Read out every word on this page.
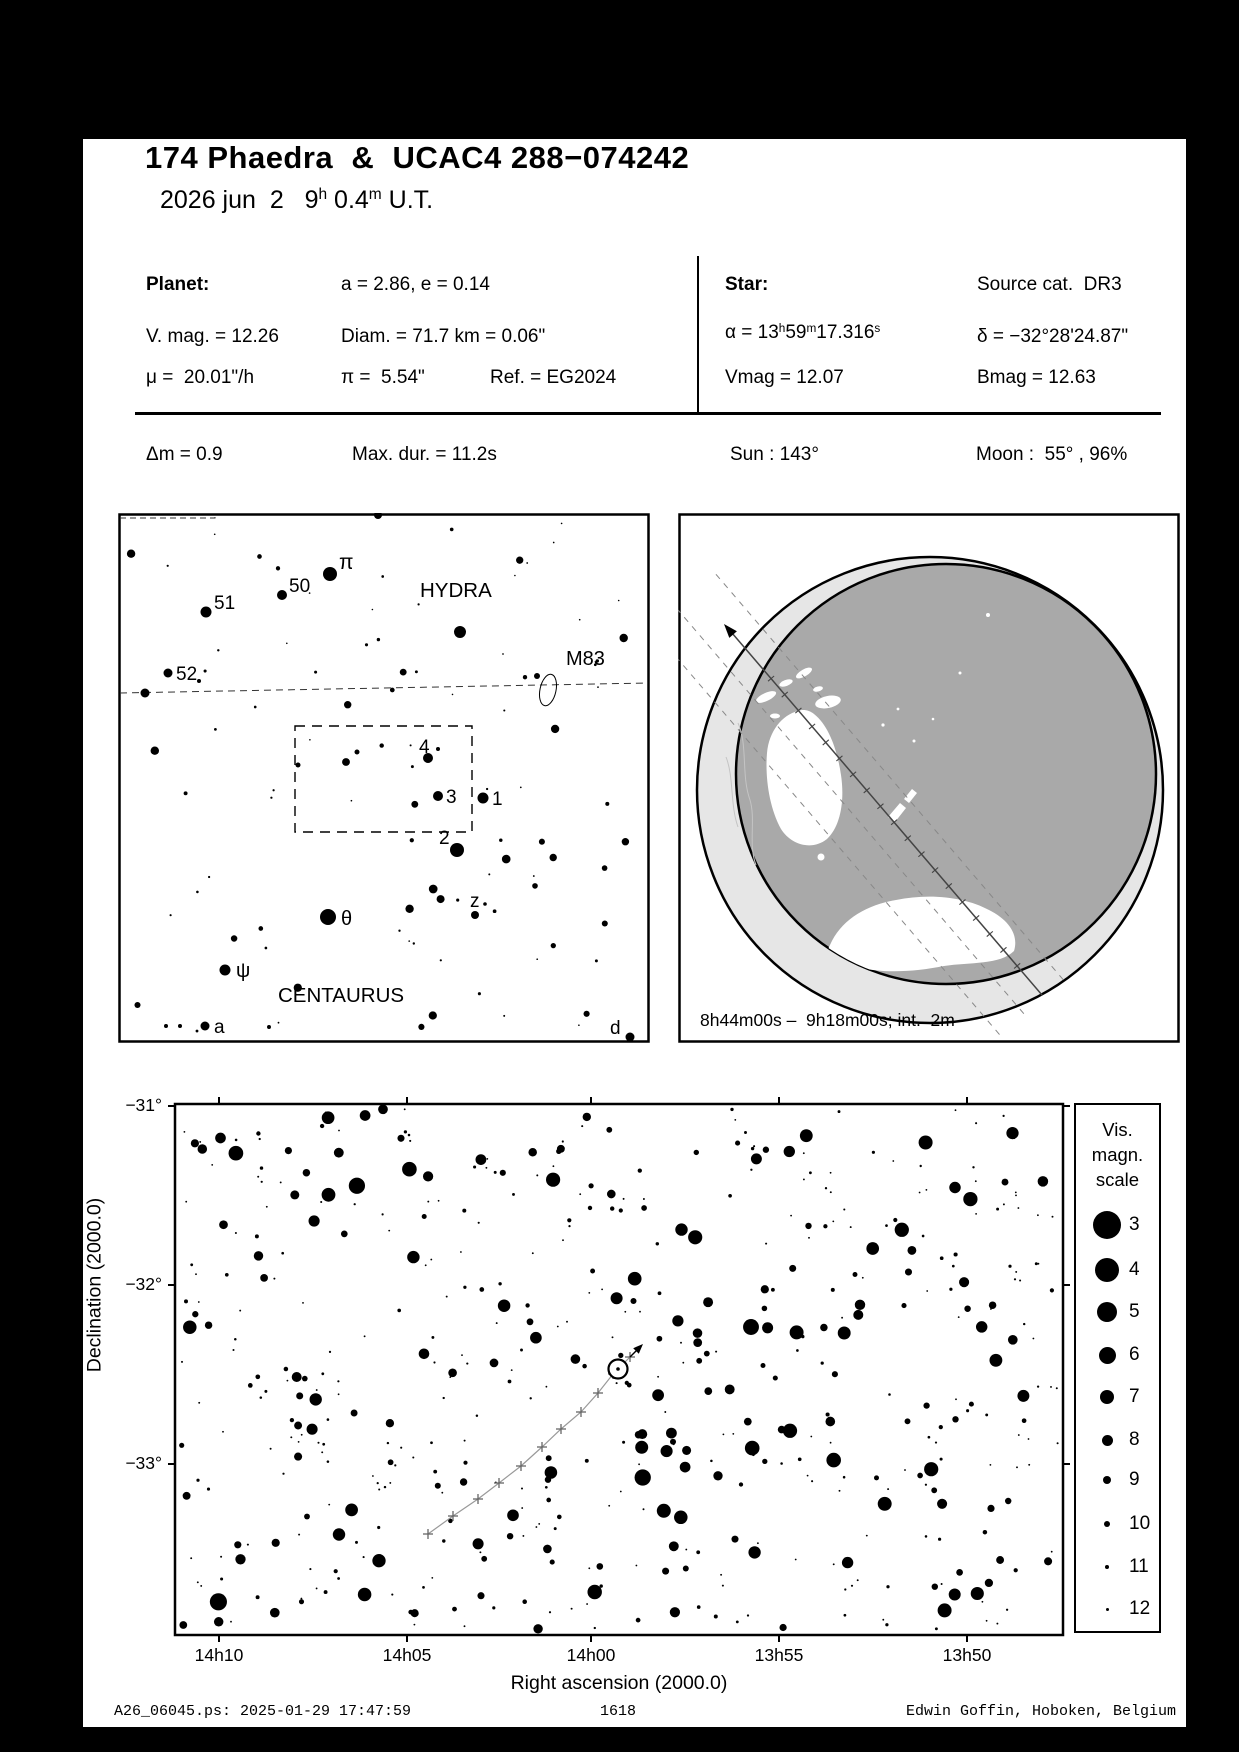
174 Phaedra  &  UCAC4 288−074242
2026 jun  2   9$^h$ 0.4$^m$ U.T.
Planet:	a = 2.86, e = 0.14	Star:	Source cat.  DR3
V. mag. = 12.26	Diam. = 71.7 km = 0.06"	$\alpha = 13^h59^m17.316^s$	δ = −32°28'24.87"
μ =  20.01"/h	π =  5.54"	Ref. = EG2024	Vmag = 12.07	Bmag = 12.63
Δm = 0.9	Max. dur. = 11.2s	Sun : 143°	Moon :  55° , 96%
M83
HYDRA
CENTAURUS
π
50
51
52
4
3 1
2
z
θ
ψ
a	d	8h44m00s –  9h18m00s; int.  2m
Right ascension (2000.0)
Declination (2000.0)
Vis.
magn.
scale
3
4
5
6
7
8
9
10
11
12
A26_06045.ps: 2025-01-29 17:47:59	1618	Edwin Goffin, Hoboken, Belgium
14h10	14h05	14h00	13h55	13h50
−31°
−32°
−33°
